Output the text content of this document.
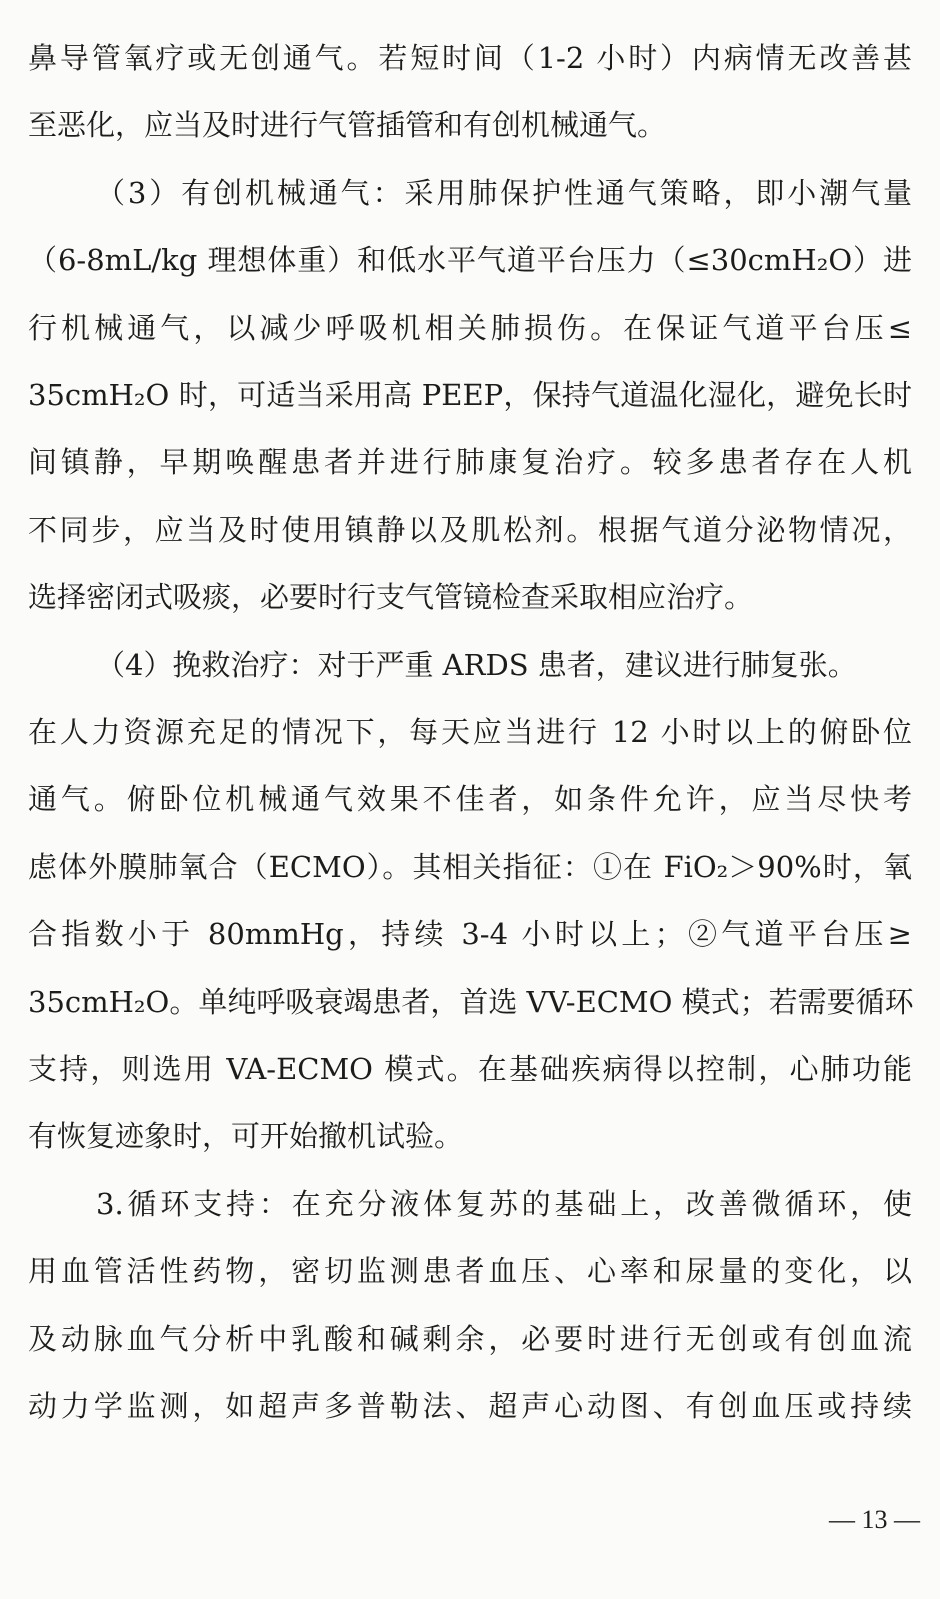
鼻导管氧疗或无创通气。若短时间（1-2 小时）内病情无改善甚
至恶化，应当及时进行气管插管和有创机械通气。
（3）有创机械通气：采用肺保护性通气策略，即小潮气量
（6-8mL/kg 理想体重）和低水平气道平台压力（≤30cmH₂O）进
行机械通气，以减少呼吸机相关肺损伤。在保证气道平台压≤
35cmH₂O 时，可适当采用高 PEEP，保持气道温化湿化，避免长时
间镇静，早期唤醒患者并进行肺康复治疗。较多患者存在人机
不同步，应当及时使用镇静以及肌松剂。根据气道分泌物情况，
选择密闭式吸痰，必要时行支气管镜检查采取相应治疗。
（4）挽救治疗：对于严重 ARDS 患者，建议进行肺复张。
在人力资源充足的情况下，每天应当进行 12 小时以上的俯卧位
通气。俯卧位机械通气效果不佳者，如条件允许，应当尽快考
虑体外膜肺氧合（ECMO）。其相关指征：①在 FiO₂＞90%时，氧
合指数小于 80mmHg，持续 3-4 小时以上；②气道平台压≥
35cmH₂O。单纯呼吸衰竭患者，首选 VV-ECMO 模式；若需要循环
支持，则选用 VA-ECMO 模式。在基础疾病得以控制，心肺功能
有恢复迹象时，可开始撤机试验。
3.循环支持：在充分液体复苏的基础上，改善微循环，使
用血管活性药物，密切监测患者血压、心率和尿量的变化，以
及动脉血气分析中乳酸和碱剩余，必要时进行无创或有创血流
动力学监测，如超声多普勒法、超声心动图、有创血压或持续
— 13 —
